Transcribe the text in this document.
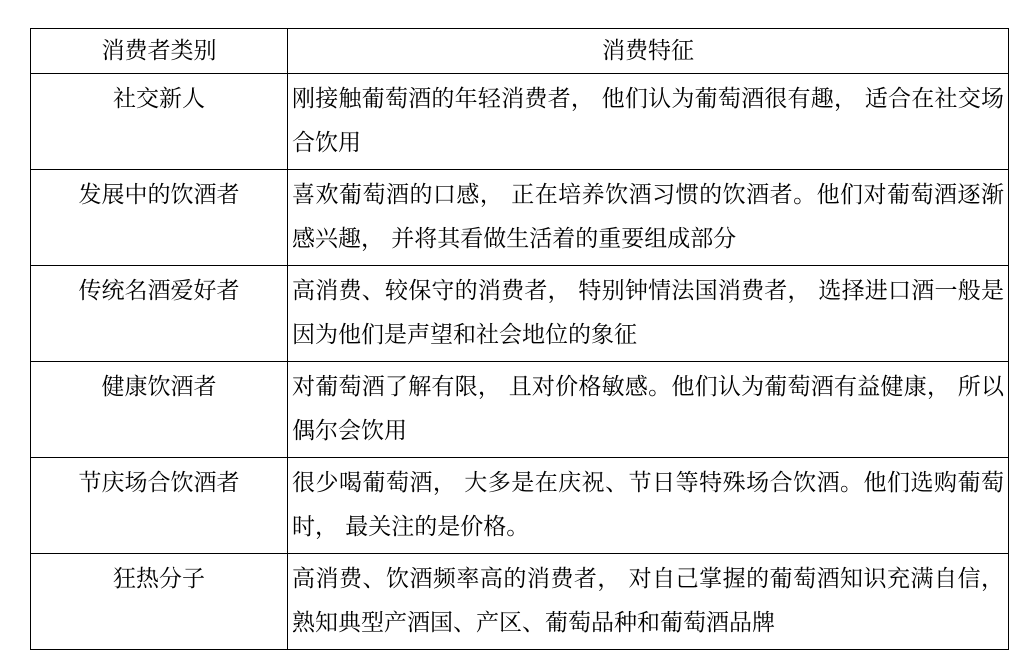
消费者类别	消费特征
社交新人	刚接触葡萄酒的年轻消费者， 他们认为葡萄酒很有趣， 适合在社交场合饮用
发展中的饮酒者	喜欢葡萄酒的口感， 正在培养饮酒习惯的饮酒者。他们对葡萄酒逐渐感兴趣， 并将其看做生活着的重要组成部分
传统名酒爱好者	高消费、较保守的消费者， 特别钟情法国消费者， 选择进口酒一般是因为他们是声望和社会地位的象征
健康饮酒者	对葡萄酒了解有限， 且对价格敏感。他们认为葡萄酒有益健康， 所以偶尔会饮用
节庆场合饮酒者	很少喝葡萄酒， 大多是在庆祝、节日等特殊场合饮酒。他们选购葡萄时， 最关注的是价格。
狂热分子	高消费、饮酒频率高的消费者， 对自己掌握的葡萄酒知识充满自信， 熟知典型产酒国、产区、葡萄品种和葡萄酒品牌
